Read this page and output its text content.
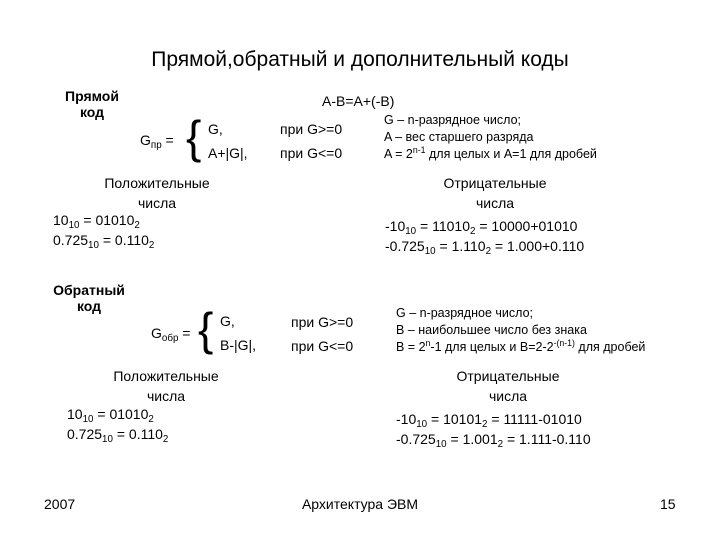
Прямой,обратный и дополнительный коды
Прямой
код
A-B=A+(-B)
$G_{пр}$ = { G,
A+|G|,
при G>=0
при G<=0
G – n-разрядное число;
A – вес старшего разряда
$A = 2^{n-1}$ для целых и A=1 для дробей
Положительные
числа
$10_{10} = 01010_2$
$0.725_{10} = 0.110_2$
Отрицательные
числа
$-10_{10} = 11010_2 = 10000+01010$
$-0.725_{10} = 1.110_2 = 1.000+0.110$
Обратный
код
$G_{обр}$ = { G,
B-|G|,
при G>=0
при G<=0
G – n-разрядное число;
B – наибольшее число без знака
$B = 2^n-1$ для целых и $B=2-2^{-(n-1)}$ для дробей
Положительные
числа
$10_{10} = 01010_2$
$0.725_{10} = 0.110_2$
Отрицательные
числа
$-10_{10} = 10101_2 = 11111-01010$
$-0.725_{10} = 1.001_2 = 1.111-0.110$
2007	Архитектура ЭВМ	15
